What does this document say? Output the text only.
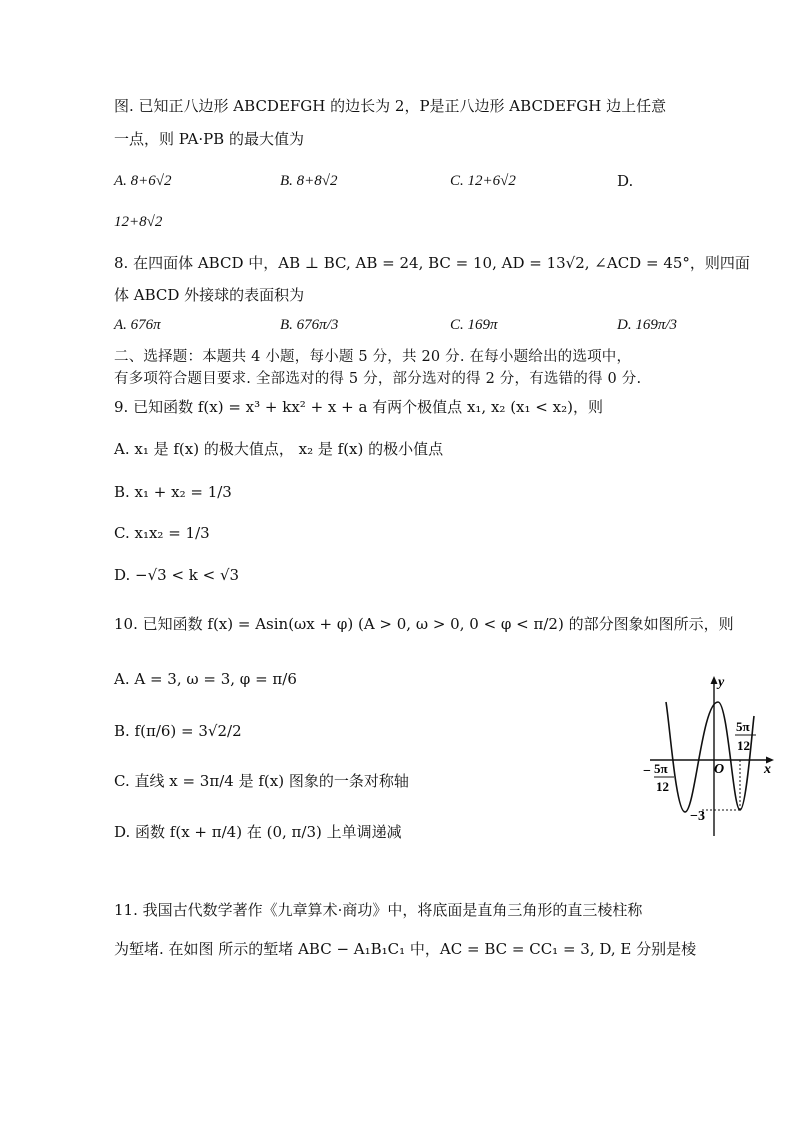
图. 已知正八边形 ABCDEFGH 的边长为 2，P是正八边形 ABCDEFGH 边上任意
一点，则 PA·PB 的最大值为
A. 8+6√2	B. 8+8√2	C. 12+6√2	D.
12+8√2
8. 在四面体 ABCD 中，AB ⊥ BC, AB = 24, BC = 10, AD = 13√2, ∠ACD = 45°，则四面
体 ABCD 外接球的表面积为
A. 676π	B. 676π/3	C. 169π	D. 169π/3
二、选择题：本题共 4 小题，每小题 5 分，共 20 分. 在每小题给出的选项中，
有多项符合题目要求. 全部选对的得 5 分，部分选对的得 2 分，有选错的得 0 分.
9. 已知函数 f(x) = x³ + kx² + x + a 有两个极值点 x₁, x₂ (x₁ < x₂)，则
A. x₁ 是 f(x) 的极大值点， x₂ 是 f(x) 的极小值点
B. x₁ + x₂ = 1/3
C. x₁x₂ = 1/3
D. −√3 < k < √3
10. 已知函数 f(x) = Asin(ωx + φ) (A > 0, ω > 0, 0 < φ < π/2) 的部分图象如图所示，则
A. A = 3, ω = 3, φ = π/6
B. f(π/6) = 3√2/2
C. 直线 x = 3π/4 是 f(x) 图象的一条对称轴
D. 函数 f(x + π/4) 在 (0, π/3) 上单调递减
y
x
O
− 5π
12
5π
12
−3
11. 我国古代数学著作《九章算术·商功》中，将底面是直角三角形的直三棱柱称
为堑堵. 在如图 所示的堑堵 ABC − A₁B₁C₁ 中，AC = BC = CC₁ = 3, D, E 分别是棱
